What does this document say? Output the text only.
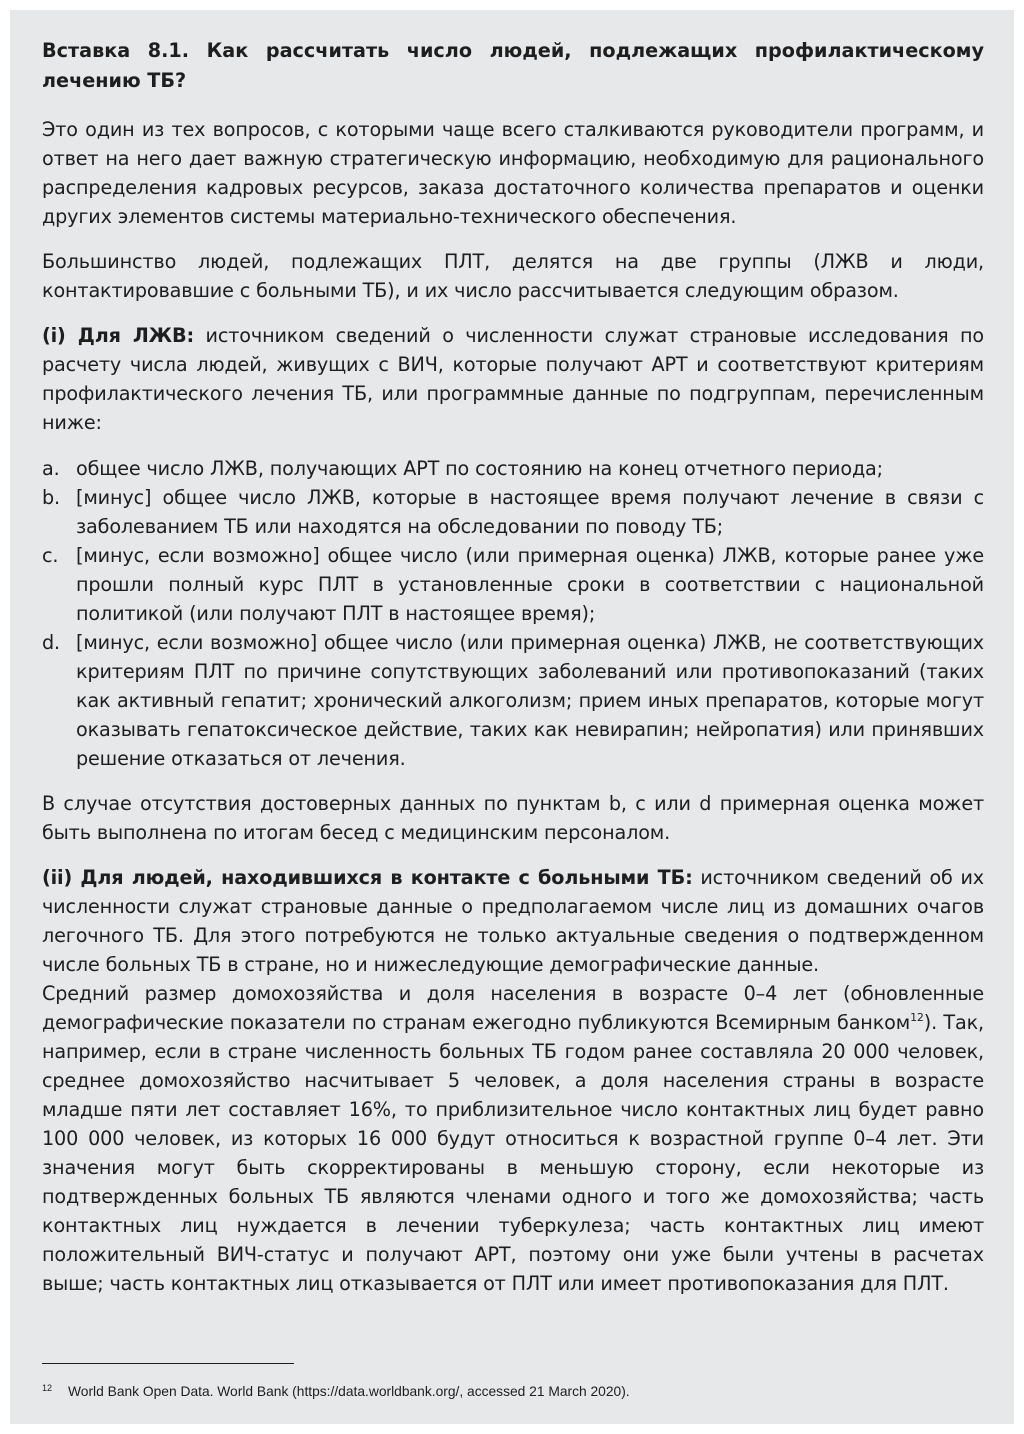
Вставка 8.1. Как рассчитать число людей, подлежащих профилактическому лечению ТБ?

Это один из тех вопросов, с которыми чаще всего сталкиваются руководители программ, и ответ на него дает важную стратегическую информацию, необходимую для рационального распределения кадровых ресурсов, заказа достаточного количества препаратов и оценки других элементов системы материально-технического обеспечения.

Большинство людей, подлежащих ПЛТ, делятся на две группы (ЛЖВ и люди, контактировавшие с больными ТБ), и их число рассчитывается следующим образом.

(i) Для ЛЖВ: источником сведений о численности служат страновые исследования по расчету числа людей, живущих с ВИЧ, которые получают АРТ и соответствуют критериям профилактического лечения ТБ, или программные данные по подгруппам, перечисленным ниже:

a. общее число ЛЖВ, получающих АРТ по состоянию на конец отчетного периода;
b. [минус] общее число ЛЖВ, которые в настоящее время получают лечение в связи с заболеванием ТБ или находятся на обследовании по поводу ТБ;
c. [минус, если возможно] общее число (или примерная оценка) ЛЖВ, которые ранее уже прошли полный курс ПЛТ в установленные сроки в соответствии с национальной политикой (или получают ПЛТ в настоящее время);
d. [минус, если возможно] общее число (или примерная оценка) ЛЖВ, не соответствующих критериям ПЛТ по причине сопутствующих заболеваний или противопоказаний (таких как активный гепатит; хронический алкоголизм; прием иных препаратов, которые могут оказывать гепатоксическое действие, таких как невирапин; нейропатия) или принявших решение отказаться от лечения.

В случае отсутствия достоверных данных по пунктам b, c или d примерная оценка может быть выполнена по итогам бесед с медицинским персоналом.

(ii) Для людей, находившихся в контакте с больными ТБ: источником сведений об их численности служат страновые данные о предполагаемом числе лиц из домашних очагов легочного ТБ. Для этого потребуются не только актуальные сведения о подтвержденном числе больных ТБ в стране, но и нижеследующие демографические данные.

Средний размер домохозяйства и доля населения в возрасте 0–4 лет (обновленные демографические показатели по странам ежегодно публикуются Всемирным банком$^{12}$). Так, например, если в стране численность больных ТБ годом ранее составляла 20 000 человек, среднее домохозяйство насчитывает 5 человек, а доля населения страны в возрасте младше пяти лет составляет 16%, то приблизительное число контактных лиц будет равно 100 000 человек, из которых 16 000 будут относиться к возрастной группе 0–4 лет. Эти значения могут быть скорректированы в меньшую сторону, если некоторые из подтвержденных больных ТБ являются членами одного и того же домохозяйства; часть контактных лиц нуждается в лечении туберкулеза; часть контактных лиц имеют положительный ВИЧ-статус и получают АРТ, поэтому они уже были учтены в расчетах выше; часть контактных лиц отказывается от ПЛТ или имеет противопоказания для ПЛТ.

12 World Bank Open Data. World Bank (https://data.worldbank.org/, accessed 21 March 2020).
